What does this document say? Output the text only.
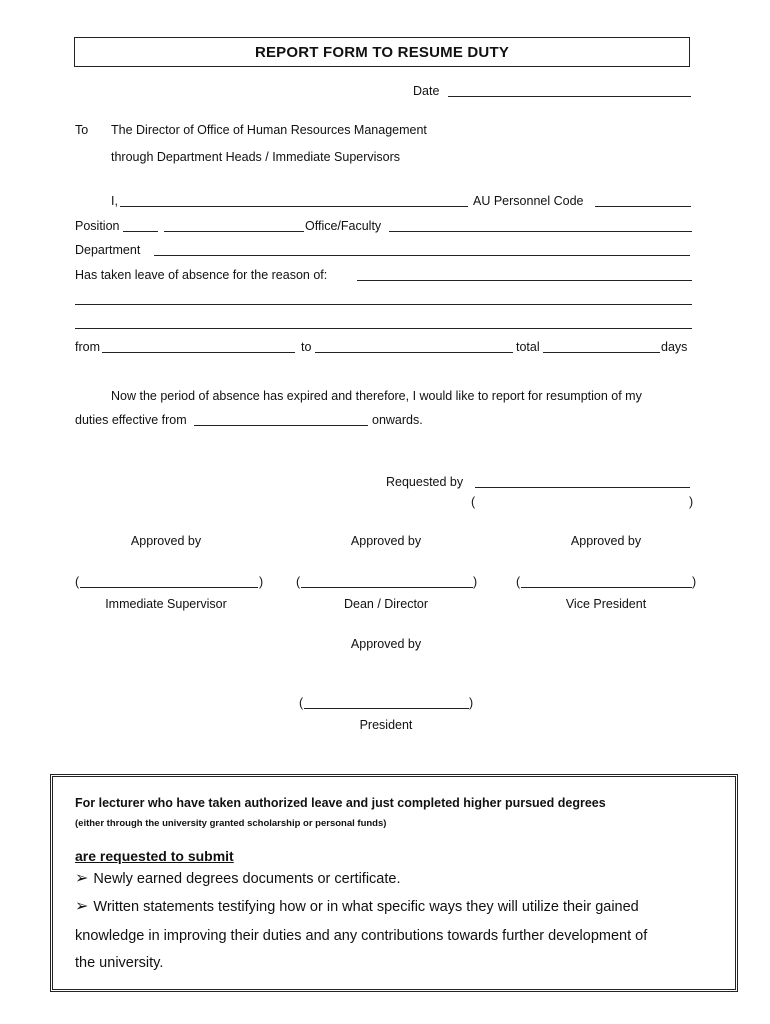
REPORT FORM TO RESUME DUTY
Date
To The Director of Office of Human Resources Management
through Department Heads / Immediate Supervisors
I,	AU Personnel Code
Position	Office/Faculty
Department
Has taken leave of absence for the reason of:
from	to	total	days
Now the period of absence has expired and therefore, I would like to report for resumption of my
duties effective from	onwards.
Requested by
(	)
Approved by	Approved by	Approved by
(	)	(	)	(	)
Immediate Supervisor	Dean / Director	Vice President
Approved by
(	)
President
For lecturer who have taken authorized leave and just completed higher pursued degrees
(either through the university granted scholarship or personal funds)
are requested to submit
➢ Newly earned degrees documents or certificate.
➢ Written statements testifying how or in what specific ways they will utilize their gained
knowledge in improving their duties and any contributions towards further development of
the university.
